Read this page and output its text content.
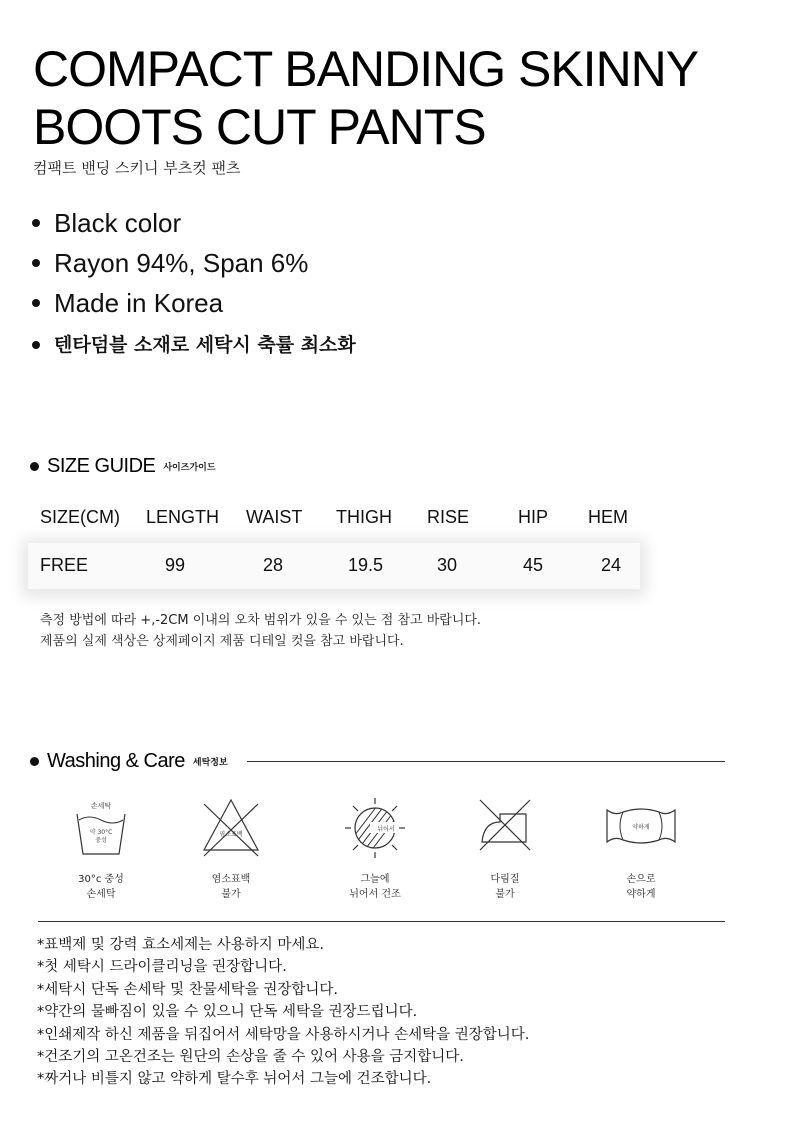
COMPACT BANDING SKINNY
BOOTS CUT PANTS
컴팩트 밴딩 스키니 부츠컷 팬츠
Black color
Rayon 94%, Span 6%
Made in Korea
텐타덤블 소재로 세탁시 축률 최소화
SIZE GUIDE 사이즈가이드
SIZE(CM) LENGTH WAIST THIGH RISE	HIP HEM
FREE	99	28	19.5	30	45	24
측정 방법에 따라 +,-2CM 이내의 오차 범위가 있을 수 있는 점 참고 바랍니다.
제품의 실제 색상은 상제페이지 제품 디테일 컷을 참고 바랍니다.
Washing & Care 세탁정보
손세탁
약 30°C
중성
30°c 중성
손세탁
염소표백
염소표백
불가
뉘어서
그늘에
뉘어서 건조
다림질
불가
약하게
손으로
약하게
*표백제 및 강력 효소세제는 사용하지 마세요.
*첫 세탁시 드라이클리닝을 권장합니다.
*세탁시 단독 손세탁 및 찬물세탁을 권장합니다.
*약간의 물빠짐이 있을 수 있으니 단독 세탁을 권장드립니다.
*인쇄제작 하신 제품을 뒤집어서 세탁망을 사용하시거나 손세탁을 권장합니다.
*건조기의 고온건조는 원단의 손상을 줄 수 있어 사용을 금지합니다.
*짜거나 비틀지 않고 약하게 탈수후 뉘어서 그늘에 건조합니다.
